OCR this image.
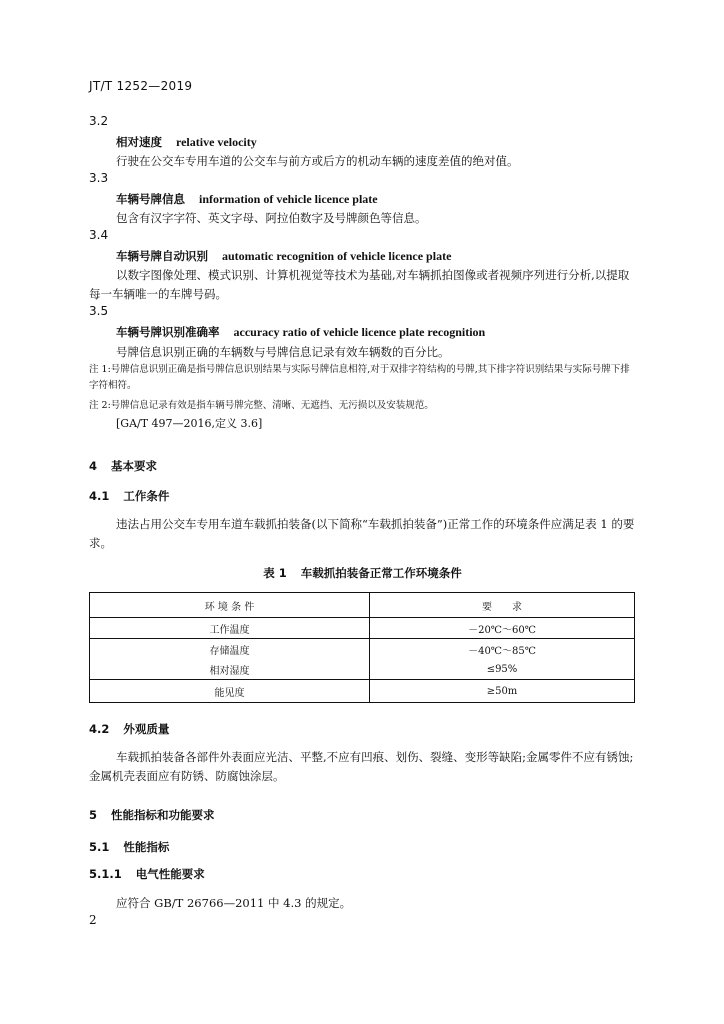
JT/T 1252—2019
3.2
相对速度 relative velocity
行驶在公交车专用车道的公交车与前方或后方的机动车辆的速度差值的绝对值。
3.3
车辆号牌信息 information of vehicle licence plate
包含有汉字字符、英文字母、阿拉伯数字及号牌颜色等信息。
3.4
车辆号牌自动识别 automatic recognition of vehicle licence plate
以数字图像处理、模式识别、计算机视觉等技术为基础,对车辆抓拍图像或者视频序列进行分析,以提取每一车辆唯一的车牌号码。
3.5
车辆号牌识别准确率 accuracy ratio of vehicle licence plate recognition
号牌信息识别正确的车辆数与号牌信息记录有效车辆数的百分比。
注 1:号牌信息识别正确是指号牌信息识别结果与实际号牌信息相符,对于双排字符结构的号牌,其下排字符识别结果与实际号牌下排字符相符。
注 2:号牌信息记录有效是指车辆号牌完整、清晰、无遮挡、无污损以及安装规范。
[GA/T 497—2016,定义 3.6]
4 基本要求
4.1 工作条件
违法占用公交车专用车道车载抓拍装备(以下简称“车载抓拍装备”)正常工作的环境条件应满足表 1 的要求。
表 1 车载抓拍装备正常工作环境条件
环 境 条 件	要　　求
工作温度	－20℃～60℃
存储温度	－40℃～85℃
相对湿度	≤95%
能见度	≥50m
4.2 外观质量
车载抓拍装备各部件外表面应光洁、平整,不应有凹痕、划伤、裂缝、变形等缺陷;金属零件不应有锈蚀;金属机壳表面应有防锈、防腐蚀涂层。
5 性能指标和功能要求
5.1 性能指标
5.1.1 电气性能要求
应符合 GB/T 26766—2011 中 4.3 的规定。
2
